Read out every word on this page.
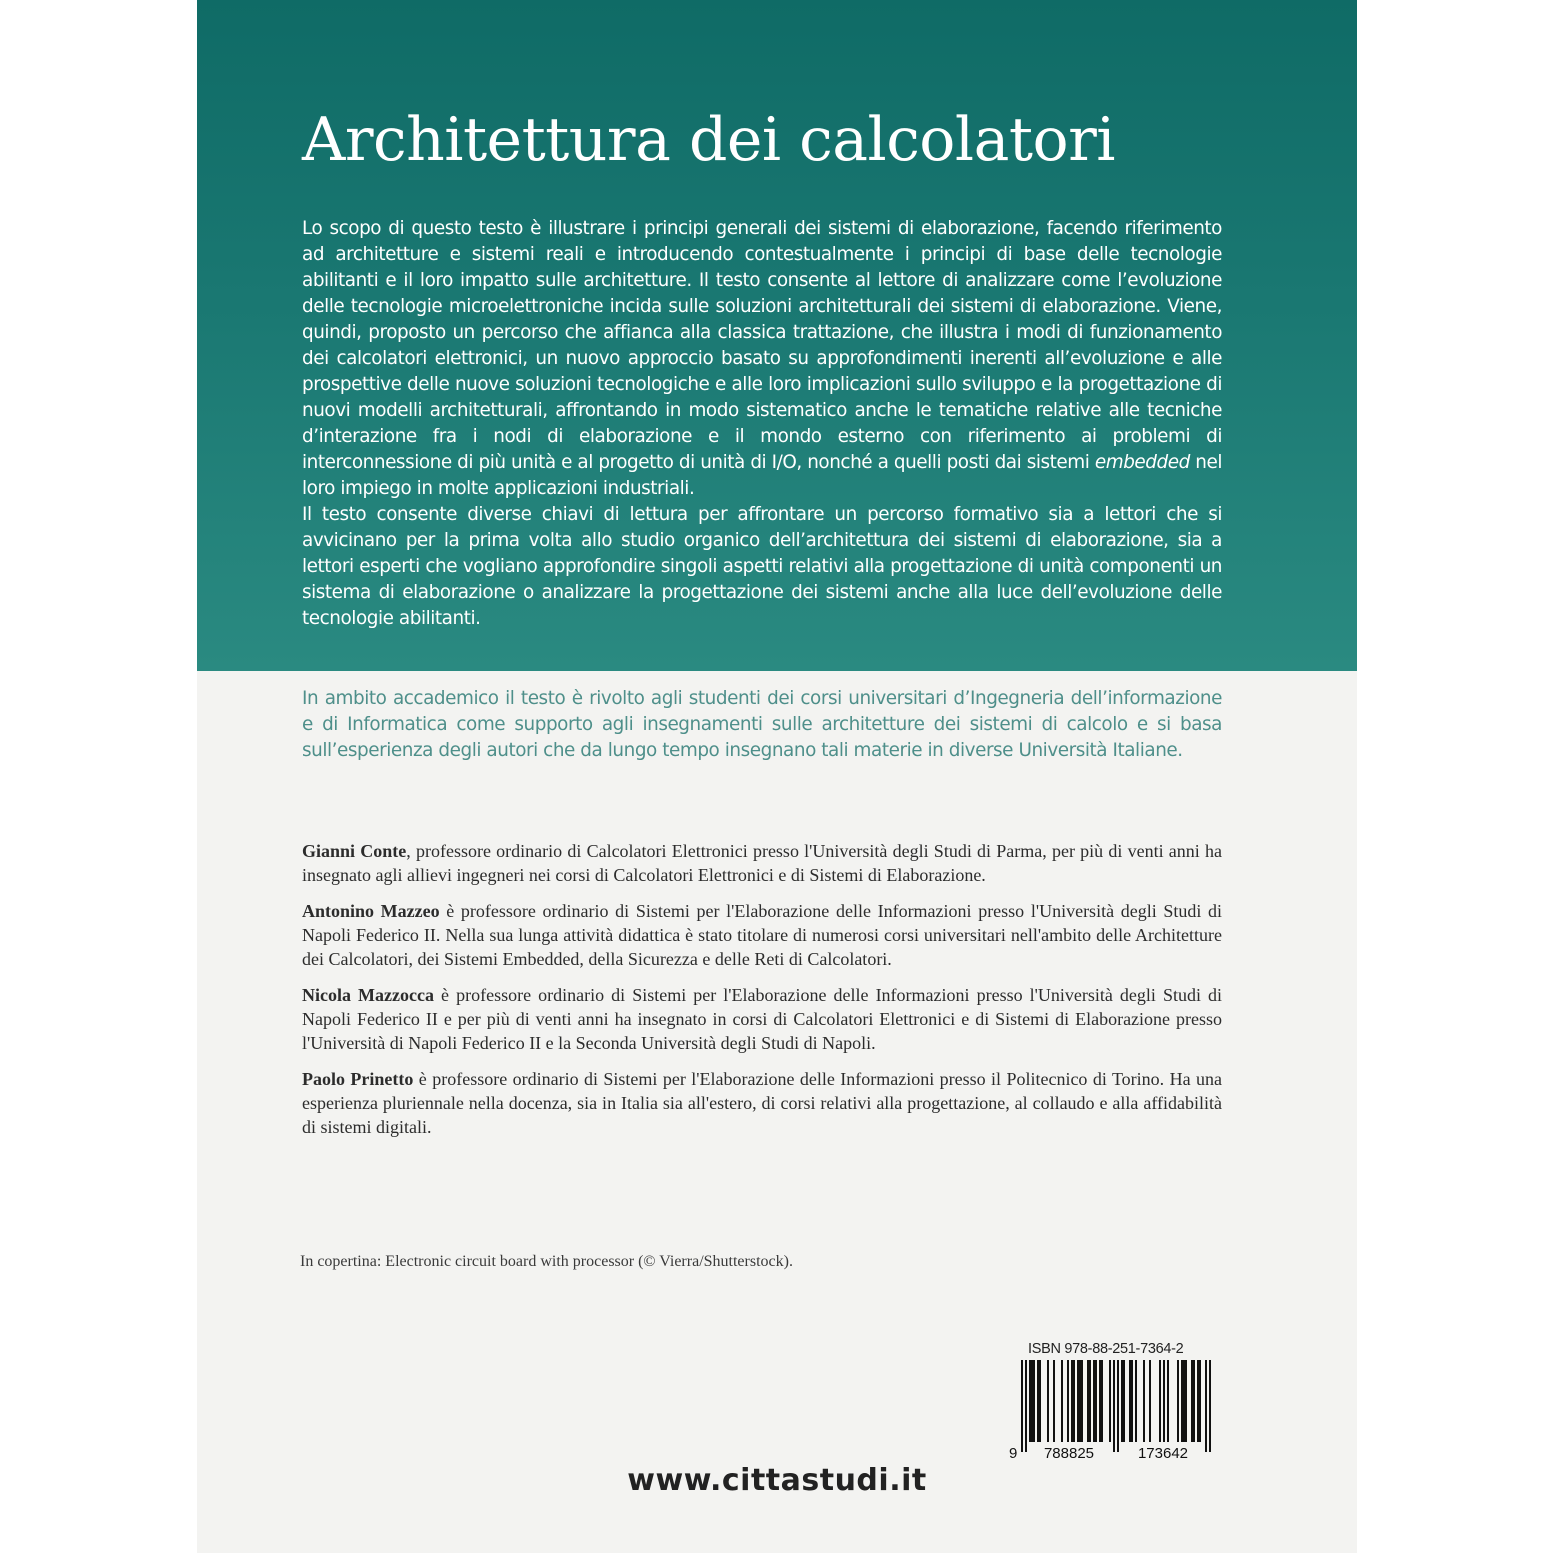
Architettura dei calcolatori

Lo scopo di questo testo è illustrare i principi generali dei sistemi di elaborazione, facendo riferimento ad architetture e sistemi reali e introducendo contestualmente i principi di base delle tecnologie abilitanti e il loro impatto sulle architetture. Il testo consente al lettore di analizzare come l’evoluzione delle tecnologie microelettroniche incida sulle soluzioni architetturali dei sistemi di elaborazione. Viene, quindi, proposto un percorso che affianca alla classica trattazione, che illustra i modi di funzionamento dei calcolatori elettronici, un nuovo approccio basato su approfondimenti inerenti all’evoluzione e alle prospettive delle nuove soluzioni tecnologiche e alle loro implicazioni sullo sviluppo e la progettazione di nuovi modelli architetturali, affrontando in modo sistematico anche le tematiche relative alle tecniche d’interazione fra i nodi di elaborazione e il mondo esterno con riferimento ai problemi di interconnessione di più unità e al progetto di unità di I/O, nonché a quelli posti dai sistemi embedded nel loro impiego in molte applicazioni industriali.

Il testo consente diverse chiavi di lettura per affrontare un percorso formativo sia a lettori che si avvicinano per la prima volta allo studio organico dell’architettura dei sistemi di elaborazione, sia a lettori esperti che vogliano approfondire singoli aspetti relativi alla progettazione di unità componenti un sistema di elaborazione o analizzare la progettazione dei sistemi anche alla luce dell’evoluzione delle tecnologie abilitanti.

In ambito accademico il testo è rivolto agli studenti dei corsi universitari d’Ingegneria dell’informazione e di Informatica come supporto agli insegnamenti sulle architetture dei sistemi di calcolo e si basa sull’esperienza degli autori che da lungo tempo insegnano tali materie in diverse Università Italiane.

Gianni Conte, professore ordinario di Calcolatori Elettronici presso l'Università degli Studi di Parma, per più di venti anni ha insegnato agli allievi ingegneri nei corsi di Calcolatori Elettronici e di Sistemi di Elaborazione.

Antonino Mazzeo è professore ordinario di Sistemi per l'Elaborazione delle Informazioni presso l'Università degli Studi di Napoli Federico II. Nella sua lunga attività didattica è stato titolare di numerosi corsi universitari nell'ambito delle Architetture dei Calcolatori, dei Sistemi Embedded, della Sicurezza e delle Reti di Calcolatori.

Nicola Mazzocca è professore ordinario di Sistemi per l'Elaborazione delle Informazioni presso l'Università degli Studi di Napoli Federico II e per più di venti anni ha insegnato in corsi di Calcolatori Elettronici e di Sistemi di Elaborazione presso l'Università di Napoli Federico II e la Seconda Università degli Studi di Napoli.

Paolo Prinetto è professore ordinario di Sistemi per l'Elaborazione delle Informazioni presso il Politecnico di Torino. Ha una esperienza pluriennale nella docenza, sia in Italia sia all'estero, di corsi relativi alla progettazione, al collaudo e alla affidabilità di sistemi digitali.

In copertina: Electronic circuit board with processor (© Vierra/Shutterstock).

ISBN 978-88-251-7364-2
9 788825	173642
www.cittastudi.it
